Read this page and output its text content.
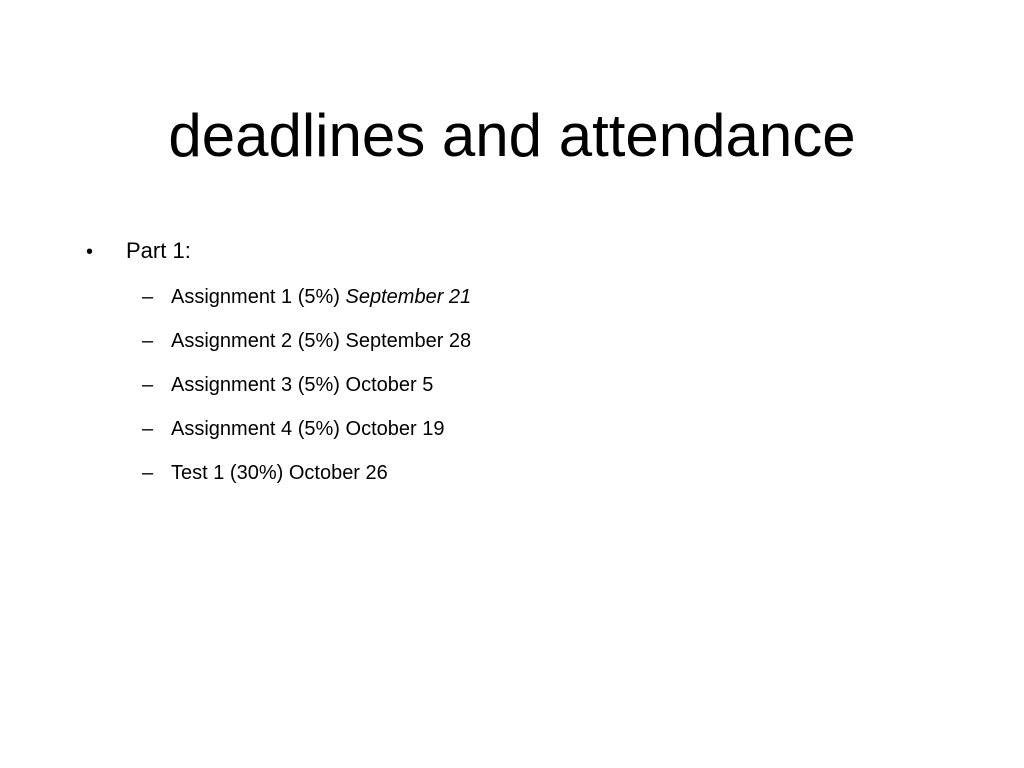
deadlines and attendance
•	Part 1:
– Assignment 1 (5%)
September 21
– Assignment 2 (5%)
September 28
– Assignment 3 (5%)
October 5
– Assignment 4 (5%)
October 19
– Test 1 (30%)
October 26
